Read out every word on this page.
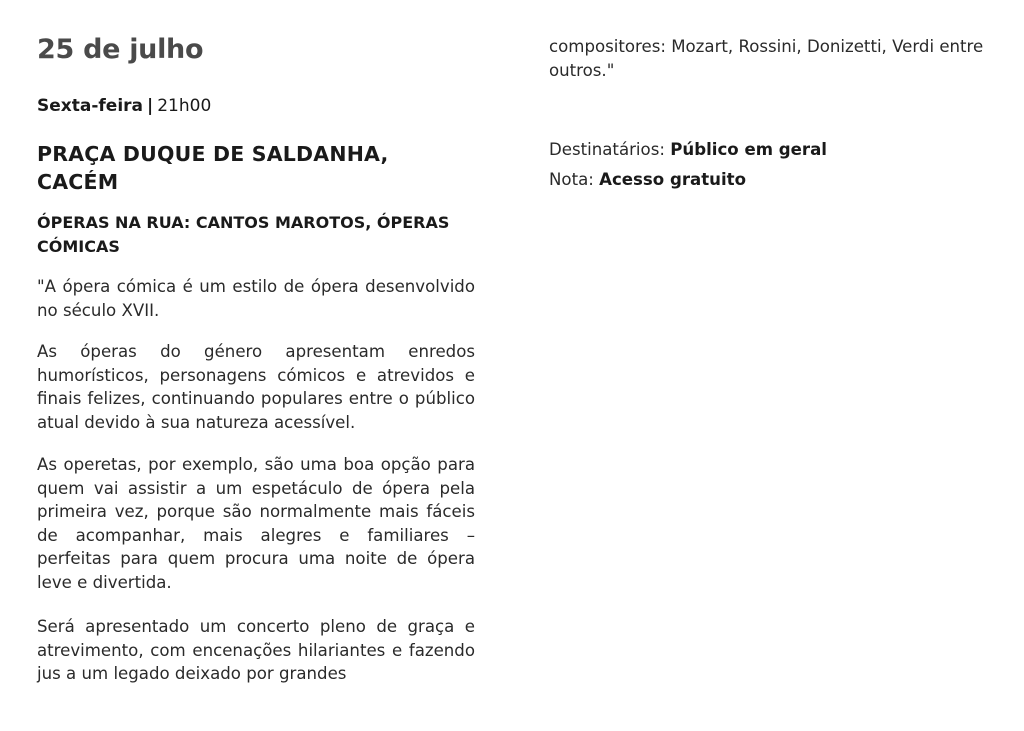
25 de julho

Sexta-feira | 21h00

PRAÇA DUQUE DE SALDANHA, CACÉM
ÓPERAS NA RUA: CANTOS MAROTOS, ÓPERAS CÓMICAS

"A ópera cómica é um estilo de ópera desenvolvido no século XVII.

As óperas do género apresentam enredos humorísticos, personagens cómicos e atrevidos e finais felizes, continuando populares entre o público atual devido à sua natureza acessível.

As operetas, por exemplo, são uma boa opção para quem vai assistir a um espetáculo de ópera pela primeira vez, porque são normalmente mais fáceis de acompanhar, mais alegres e familiares – perfeitas para quem procura uma noite de ópera leve e divertida.

Será apresentado um concerto pleno de graça e atrevimento, com encenações hilariantes e fazendo jus a um legado deixado por grandes

compositores: Mozart, Rossini, Donizetti, Verdi entre outros."

Destinatários: Público em geral

Nota: Acesso gratuito
